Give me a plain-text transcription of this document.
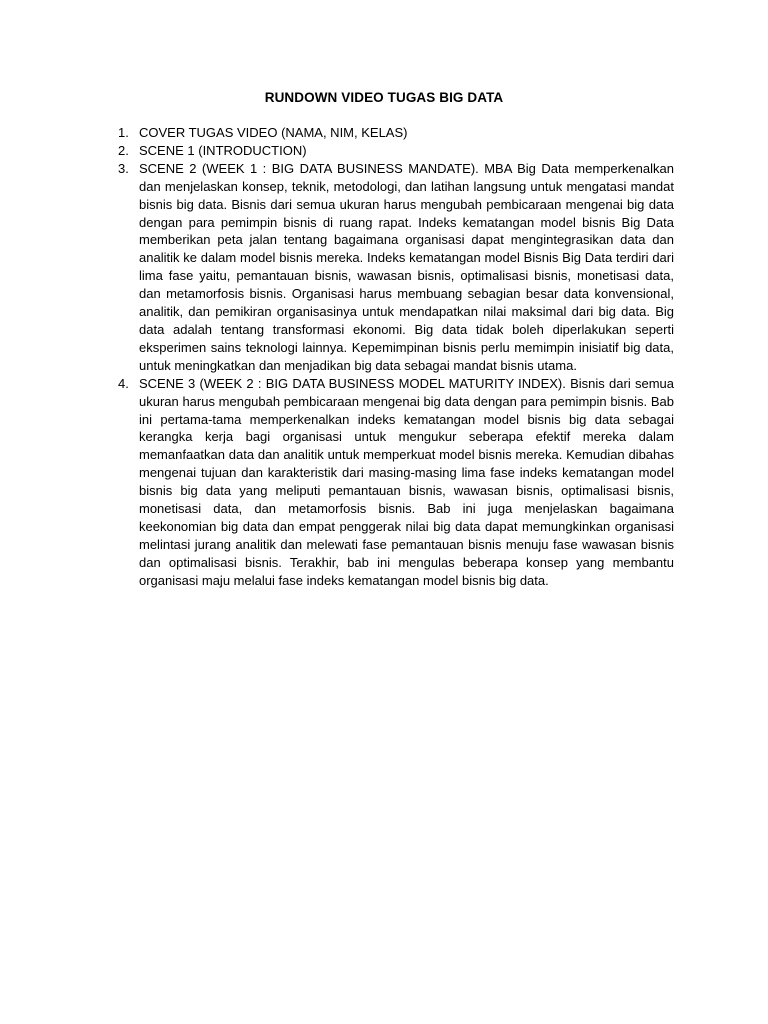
RUNDOWN VIDEO TUGAS BIG DATA
1. COVER TUGAS VIDEO (NAMA, NIM, KELAS)
2. SCENE 1 (INTRODUCTION)
3. SCENE 2 (WEEK 1 : BIG DATA BUSINESS MANDATE). MBA Big Data memperkenalkan dan menjelaskan konsep, teknik, metodologi, dan latihan langsung untuk mengatasi mandat bisnis big data. Bisnis dari semua ukuran harus mengubah pembicaraan mengenai big data dengan para pemimpin bisnis di ruang rapat. Indeks kematangan model bisnis Big Data memberikan peta jalan tentang bagaimana organisasi dapat mengintegrasikan data dan analitik ke dalam model bisnis mereka. Indeks kematangan model Bisnis Big Data terdiri dari lima fase yaitu, pemantauan bisnis, wawasan bisnis, optimalisasi bisnis, monetisasi data, dan metamorfosis bisnis. Organisasi harus membuang sebagian besar data konvensional, analitik, dan pemikiran organisasinya untuk mendapatkan nilai maksimal dari big data. Big data adalah tentang transformasi ekonomi. Big data tidak boleh diperlakukan seperti eksperimen sains teknologi lainnya. Kepemimpinan bisnis perlu memimpin inisiatif big data, untuk meningkatkan dan menjadikan big data sebagai mandat bisnis utama.
4. SCENE 3 (WEEK 2 : BIG DATA BUSINESS MODEL MATURITY INDEX). Bisnis dari semua ukuran harus mengubah pembicaraan mengenai big data dengan para pemimpin bisnis. Bab ini pertama-tama memperkenalkan indeks kematangan model bisnis big data sebagai kerangka kerja bagi organisasi untuk mengukur seberapa efektif mereka dalam memanfaatkan data dan analitik untuk memperkuat model bisnis mereka. Kemudian dibahas mengenai tujuan dan karakteristik dari masing-masing lima fase indeks kematangan model bisnis big data yang meliputi pemantauan bisnis, wawasan bisnis, optimalisasi bisnis, monetisasi data, dan metamorfosis bisnis. Bab ini juga menjelaskan bagaimana keekonomian big data dan empat penggerak nilai big data dapat memungkinkan organisasi melintasi jurang analitik dan melewati fase pemantauan bisnis menuju fase wawasan bisnis dan optimalisasi bisnis. Terakhir, bab ini mengulas beberapa konsep yang membantu organisasi maju melalui fase indeks kematangan model bisnis big data.
